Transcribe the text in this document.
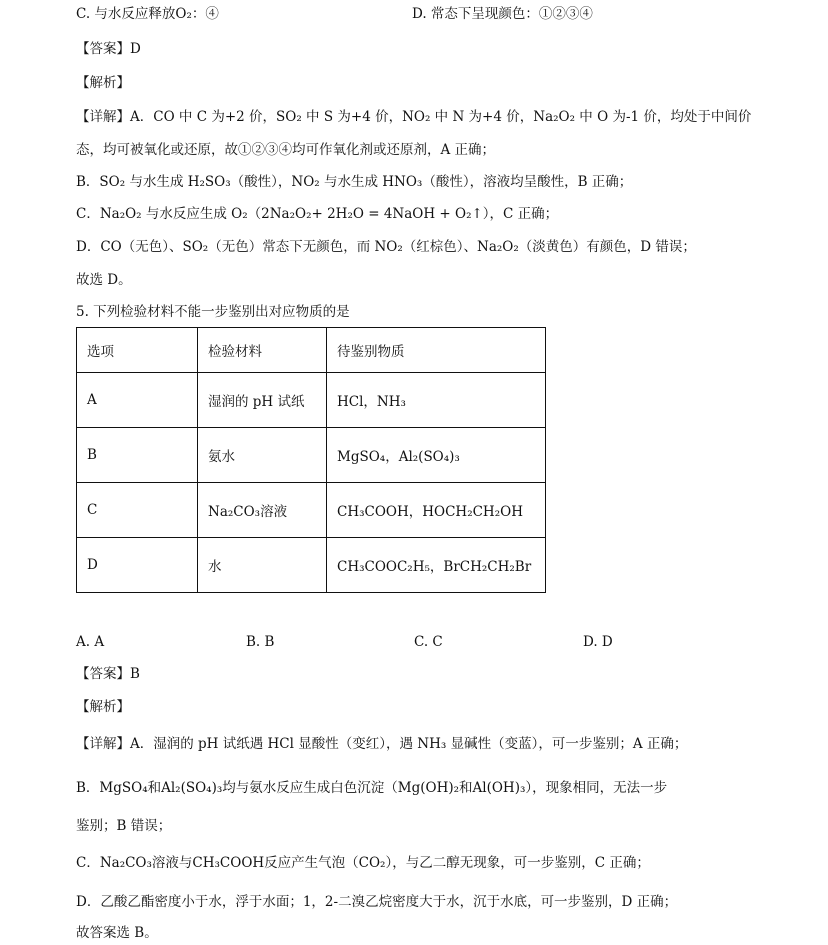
C. 与水反应释放O₂：④	D. 常态下呈现颜色：①②③④
【答案】D
【解析】
【详解】A．CO 中 C 为+2 价，SO₂ 中 S 为+4 价，NO₂ 中 N 为+4 价，Na₂O₂ 中 O 为-1 价，均处于中间价
态，均可被氧化或还原，故①②③④均可作氧化剂或还原剂，A 正确；
B．SO₂ 与水生成 H₂SO₃（酸性），NO₂ 与水生成 HNO₃（酸性），溶液均呈酸性，B 正确；
C．Na₂O₂ 与水反应生成 O₂（2Na₂O₂+ 2H₂O = 4NaOH + O₂↑），C 正确；
D．CO（无色）、SO₂（无色）常态下无颜色，而 NO₂（红棕色）、Na₂O₂（淡黄色）有颜色，D 错误；
故选 D。
5. 下列检验材料不能一步鉴别出对应物质的是
选项	检验材料	待鉴别物质
A	湿润的 pH 试纸	HCl，NH₃
B	氨水	MgSO₄，Al₂(SO₄)₃
C	Na₂CO₃溶液	CH₃COOH，HOCH₂CH₂OH
D	水	CH₃COOC₂H₅，BrCH₂CH₂Br
A. A	B. B	C. C	D. D
【答案】B
【解析】
【详解】A．湿润的 pH 试纸遇 HCl 显酸性（变红），遇 NH₃ 显碱性（变蓝），可一步鉴别；A 正确；
B．MgSO₄和Al₂(SO₄)₃均与氨水反应生成白色沉淀（Mg(OH)₂和Al(OH)₃），现象相同，无法一步
鉴别；B 错误；
C．Na₂CO₃溶液与CH₃COOH反应产生气泡（CO₂），与乙二醇无现象，可一步鉴别，C 正确；
D．乙酸乙酯密度小于水，浮于水面；1，2-二溴乙烷密度大于水，沉于水底，可一步鉴别，D 正确；
故答案选 B。
